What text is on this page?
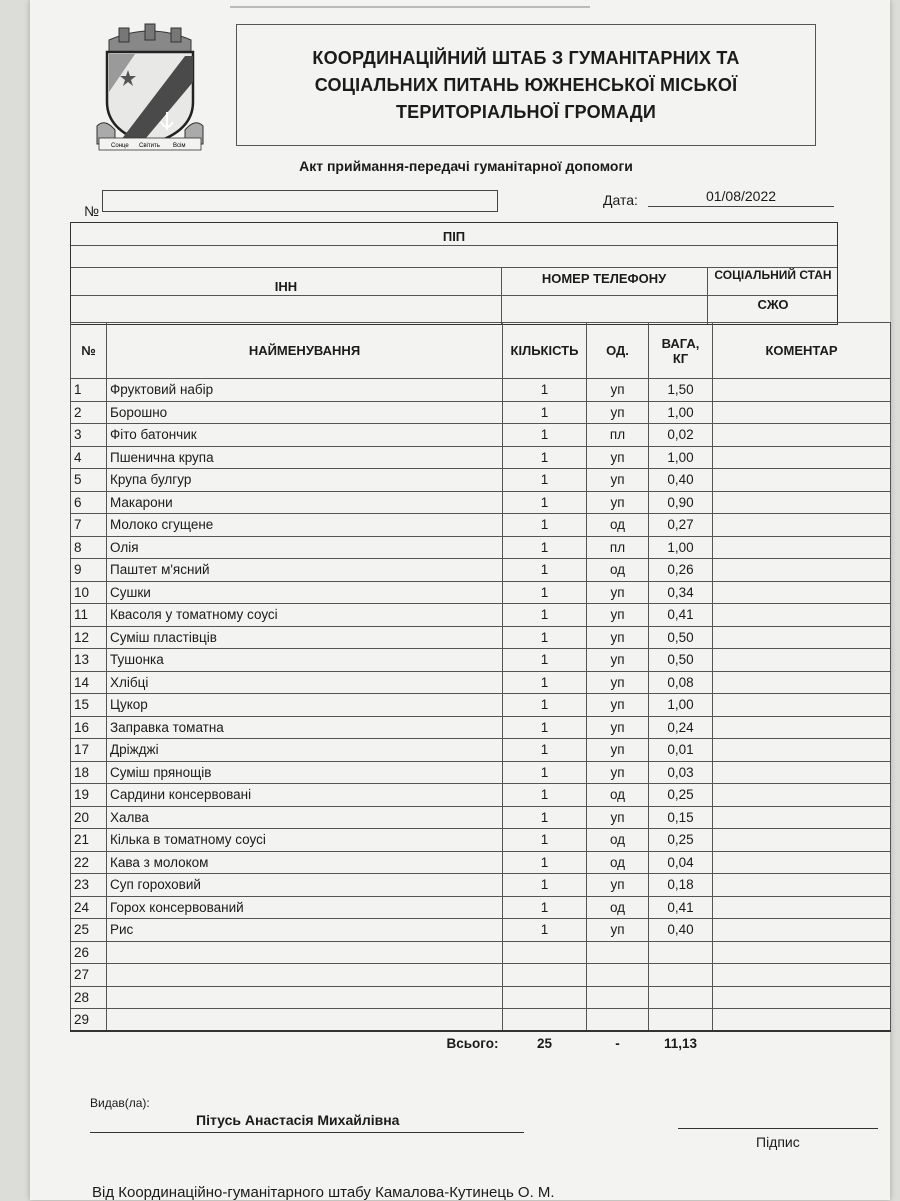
Сонце Світить Всім
КООРДИНАЦІЙНИЙ ШТАБ З ГУМАНІТАРНИХ ТА СОЦІАЛЬНИХ ПИТАНЬ ЮЖНЕНСЬКОЇ МІСЬКОЇ ТЕРИТОРІАЛЬНОЇ ГРОМАДИ
Акт приймання-передачі гуманітарної допомоги
№
Дата:	01/08/2022
ПІП
ІНН
НОМЕР ТЕЛЕФОНУ	СОЦІАЛЬНИЙ СТАН
СЖО
№	НАЙМЕНУВАННЯ	КІЛЬКІСТЬ	ОД.	ВАГА, КГ	КОМЕНТАР
1	Фруктовий набір	1	уп	1,50	
2	Борошно	1	уп	1,00	
3	Фіто батончик	1	пл	0,02	
4	Пшенична крупа	1	уп	1,00	
5	Крупа булгур	1	уп	0,40	
6	Макарони	1	уп	0,90	
7	Молоко сгущене	1	од	0,27	
8	Олія	1	пл	1,00	
9	Паштет м'ясний	1	од	0,26	
10	Сушки	1	уп	0,34	
11	Квасоля у томатному соусі	1	уп	0,41	
12	Суміш пластівців	1	уп	0,50	
13	Тушонка	1	уп	0,50	
14	Хлібці	1	уп	0,08	
15	Цукор	1	уп	1,00	
16	Заправка томатна	1	уп	0,24	
17	Дріжджі	1	уп	0,01	
18	Суміш прянощів	1	уп	0,03	
19	Сардини консервовані	1	од	0,25	
20	Халва	1	уп	0,15	
21	Кілька в томатному соусі	1	од	0,25	
22	Кава з молоком	1	од	0,04	
23	Суп гороховий	1	уп	0,18	
24	Горох консервований	1	од	0,41	
25	Рис	1	уп	0,40	
26					
27					
28					
29					
	Всього:	25	-	11,13	
Видав(ла):
Пітусь Анастасія Михайлівна
Підпис
Від Координаційно-гуманітарного штабу Камалова-Кутинець О. М.
